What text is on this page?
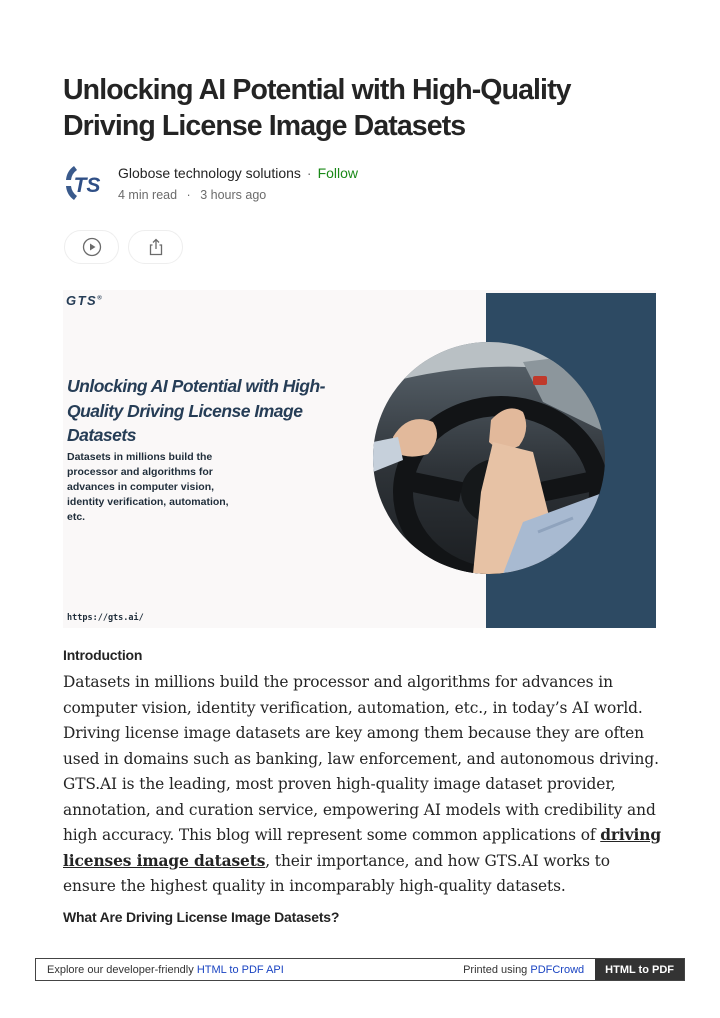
Unlocking AI Potential with High-Quality Driving License Image Datasets
TS
Globose technology solutions · Follow
4 min read · 3 hours ago
GTS®
Unlocking AI Potential with High-Quality Driving License Image Datasets
Datasets in millions build the processor and algorithms for advances in computer vision, identity verification, automation, etc.
https://gts.ai/
Introduction

Datasets in millions build the processor and algorithms for advances in computer vision, identity verification, automation, etc., in today’s AI world. Driving license image datasets are key among them because they are often used in domains such as banking, law enforcement, and autonomous driving. GTS.AI is the leading, most proven high-quality image dataset provider, annotation, and curation service, empowering AI models with credibility and high accuracy. This blog will represent some common applications of driving licenses image datasets, their importance, and how GTS.AI works to ensure the highest quality in incomparably high-quality datasets.

What Are Driving License Image Datasets?
Explore our developer-friendly HTML to PDF API	Printed using PDFCrowd	HTML to PDF
